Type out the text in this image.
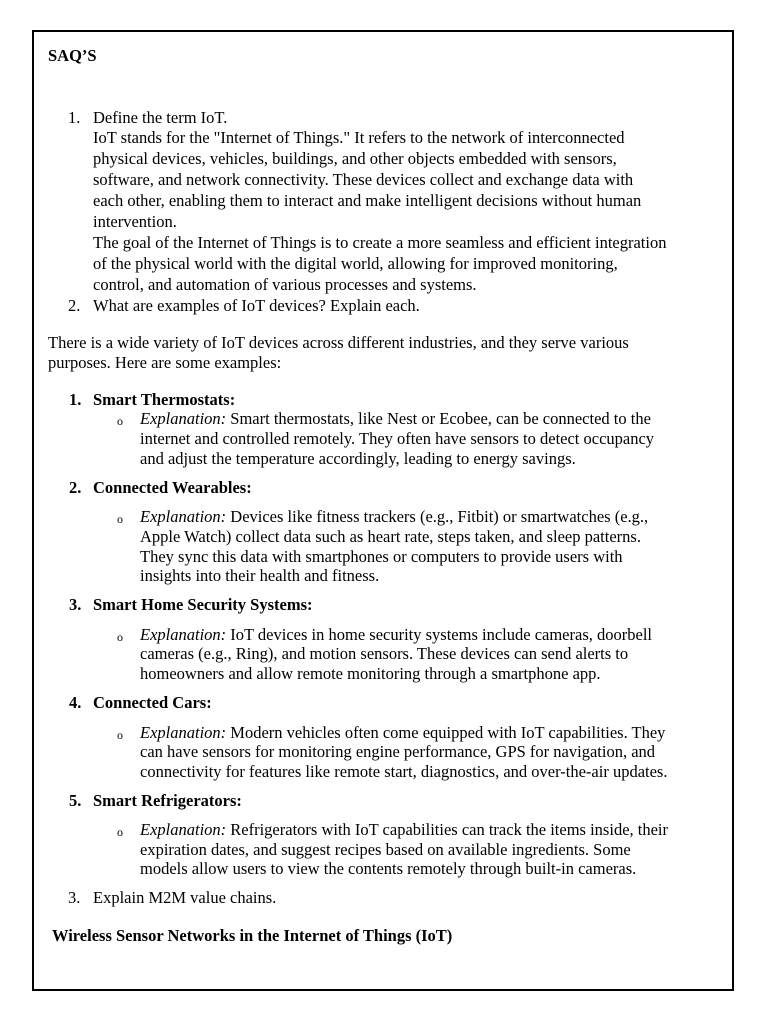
SAQ’S
1. Define the term IoT.
IoT stands for the "Internet of Things." It refers to the network of interconnected
physical devices, vehicles, buildings, and other objects embedded with sensors,
software, and network connectivity. These devices collect and exchange data with
each other, enabling them to interact and make intelligent decisions without human
intervention.
The goal of the Internet of Things is to create a more seamless and efficient integration
of the physical world with the digital world, allowing for improved monitoring,
control, and automation of various processes and systems.
2. What are examples of IoT devices? Explain each.
There is a wide variety of IoT devices across different industries, and they serve various
purposes. Here are some examples:
1. Smart Thermostats:
o Explanation: Smart thermostats, like Nest or Ecobee, can be connected to the
internet and controlled remotely. They often have sensors to detect occupancy
and adjust the temperature accordingly, leading to energy savings.
2. Connected Wearables:
o Explanation: Devices like fitness trackers (e.g., Fitbit) or smartwatches (e.g.,
Apple Watch) collect data such as heart rate, steps taken, and sleep patterns.
They sync this data with smartphones or computers to provide users with
insights into their health and fitness.
3. Smart Home Security Systems:
o Explanation: IoT devices in home security systems include cameras, doorbell
cameras (e.g., Ring), and motion sensors. These devices can send alerts to
homeowners and allow remote monitoring through a smartphone app.
4. Connected Cars:
o Explanation: Modern vehicles often come equipped with IoT capabilities. They
can have sensors for monitoring engine performance, GPS for navigation, and
connectivity for features like remote start, diagnostics, and over-the-air updates.
5. Smart Refrigerators:
o Explanation: Refrigerators with IoT capabilities can track the items inside, their
expiration dates, and suggest recipes based on available ingredients. Some
models allow users to view the contents remotely through built-in cameras.
3. Explain M2M value chains.
Wireless Sensor Networks in the Internet of Things (IoT)
